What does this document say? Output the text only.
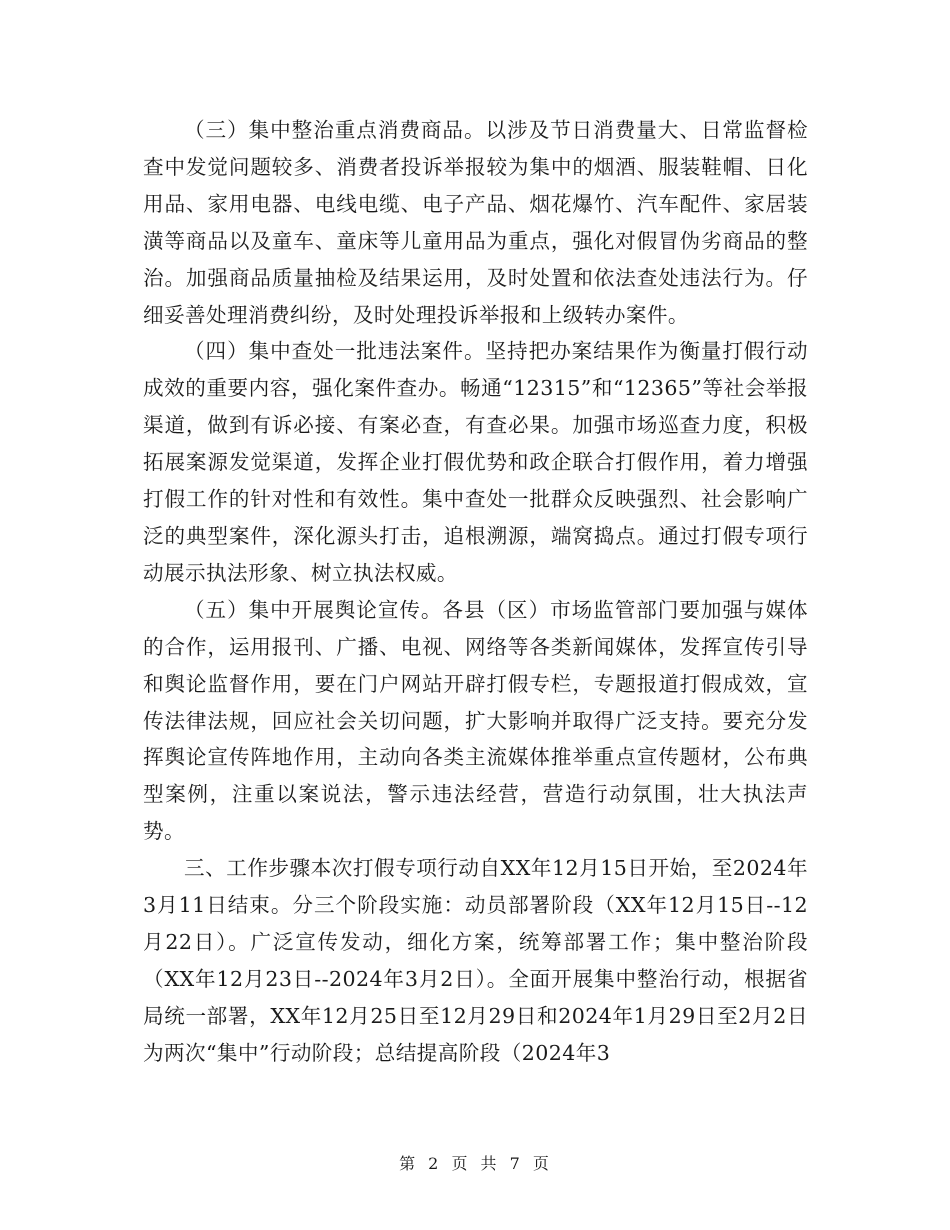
（三）集中整治重点消费商品。以涉及节日消费量大、日常监督检查中发觉问题较多、消费者投诉举报较为集中的烟酒、服装鞋帽、日化用品、家用电器、电线电缆、电子产品、烟花爆竹、汽车配件、家居装潢等商品以及童车、童床等儿童用品为重点，强化对假冒伪劣商品的整治。加强商品质量抽检及结果运用，及时处置和依法查处违法行为。仔细妥善处理消费纠纷，及时处理投诉举报和上级转办案件。

（四）集中查处一批违法案件。坚持把办案结果作为衡量打假行动成效的重要内容，强化案件查办。畅通“12315”和“12365”等社会举报渠道，做到有诉必接、有案必查，有查必果。加强市场巡查力度，积极拓展案源发觉渠道，发挥企业打假优势和政企联合打假作用，着力增强打假工作的针对性和有效性。集中查处一批群众反映强烈、社会影响广泛的典型案件，深化源头打击，追根溯源，端窝捣点。通过打假专项行动展示执法形象、树立执法权威。

（五）集中开展舆论宣传。各县（区）市场监管部门要加强与媒体的合作，运用报刊、广播、电视、网络等各类新闻媒体，发挥宣传引导和舆论监督作用，要在门户网站开辟打假专栏，专题报道打假成效，宣传法律法规，回应社会关切问题，扩大影响并取得广泛支持。要充分发挥舆论宣传阵地作用，主动向各类主流媒体推举重点宣传题材，公布典型案例，注重以案说法，警示违法经营，营造行动氛围，壮大执法声势。

三、工作步骤本次打假专项行动自XX年12月15日开始，至2024年3月11日结束。分三个阶段实施：动员部署阶段（XX年12月15日--12月22日）。广泛宣传发动，细化方案，统筹部署工作；集中整治阶段（XX年12月23日--2024年3月2日）。全面开展集中整治行动，根据省局统一部署，XX年12月25日至12月29日和2024年1月29日至2月2日为两次“集中”行动阶段；总结提高阶段（2024年3

第 2 页 共 7 页
